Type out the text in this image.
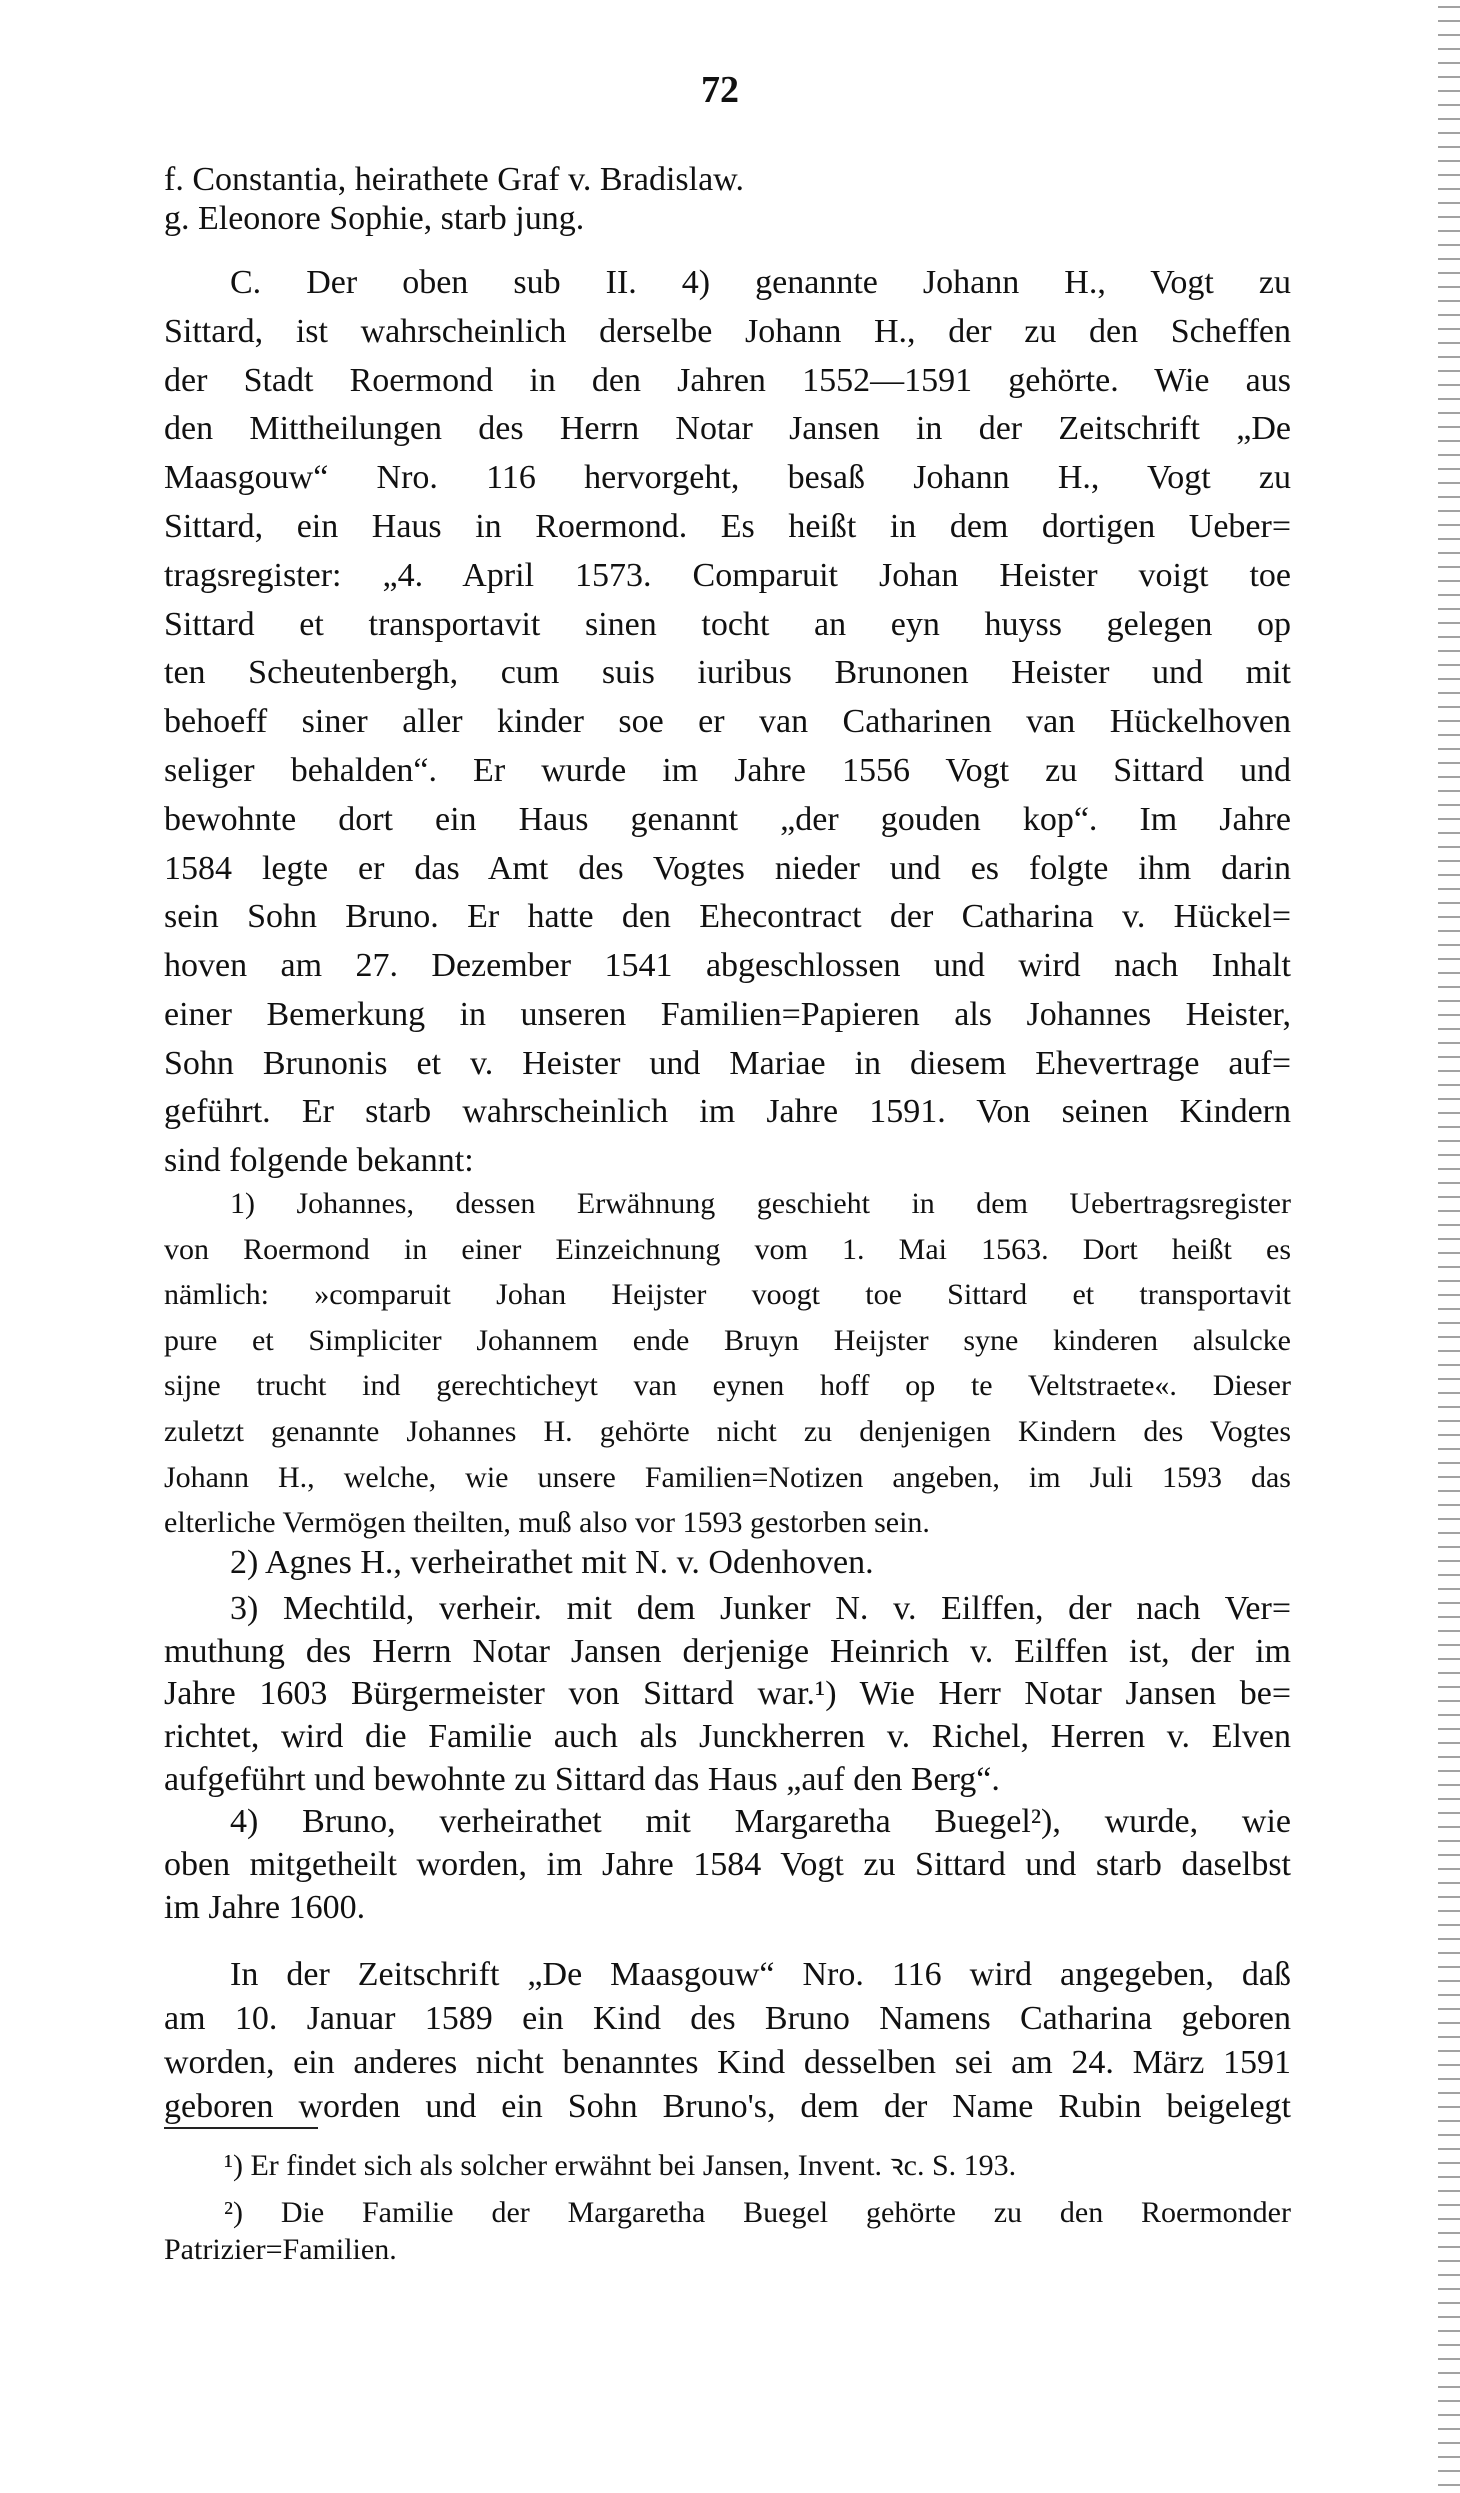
72
f. Constantia, heirathete Graf v. Bradislaw.
g. Eleonore Sophie, starb jung.
C. Der oben sub II. 4) genannte Johann H., Vogt zu
Sittard, ist wahrscheinlich derselbe Johann H., der zu den Scheffen
der Stadt Roermond in den Jahren 1552—1591 gehörte. Wie aus
den Mittheilungen des Herrn Notar Jansen in der Zeitschrift „De
Maasgouw“ Nro. 116 hervorgeht, besaß Johann H., Vogt zu
Sittard, ein Haus in Roermond. Es heißt in dem dortigen Ueber=
tragsregister: „4. April 1573. Comparuit Johan Heister voigt toe
Sittard et transportavit sinen tocht an eyn huyss gelegen op
ten Scheutenbergh, cum suis iuribus Brunonen Heister und mit
behoeff siner aller kinder soe er van Catharinen van Hückelhoven
seliger behalden“. Er wurde im Jahre 1556 Vogt zu Sittard und
bewohnte dort ein Haus genannt „der gouden kop“. Im Jahre
1584 legte er das Amt des Vogtes nieder und es folgte ihm darin
sein Sohn Bruno. Er hatte den Ehecontract der Catharina v. Hückel=
hoven am 27. Dezember 1541 abgeschlossen und wird nach Inhalt
einer Bemerkung in unseren Familien=Papieren als Johannes Heister,
Sohn Brunonis et v. Heister und Mariae in diesem Ehevertrage auf=
geführt. Er starb wahrscheinlich im Jahre 1591. Von seinen Kindern
sind folgende bekannt:
1) Johannes, dessen Erwähnung geschieht in dem Uebertragsregister
von Roermond in einer Einzeichnung vom 1. Mai 1563. Dort heißt es
nämlich: »comparuit Johan Heijster voogt toe Sittard et transportavit
pure et Simpliciter Johannem ende Bruyn Heijster syne kinderen alsulcke
sijne trucht ind gerechticheyt van eynen hoff op te Veltstraete«. Dieser
zuletzt genannte Johannes H. gehörte nicht zu denjenigen Kindern des Vogtes
Johann H., welche, wie unsere Familien=Notizen angeben, im Juli 1593 das
elterliche Vermögen theilten, muß also vor 1593 gestorben sein.
2) Agnes H., verheirathet mit N. v. Odenhoven.
3) Mechtild, verheir. mit dem Junker N. v. Eilffen, der nach Ver=
muthung des Herrn Notar Jansen derjenige Heinrich v. Eilffen ist, der im
Jahre 1603 Bürgermeister von Sittard war.¹) Wie Herr Notar Jansen be=
richtet, wird die Familie auch als Junckherren v. Richel, Herren v. Elven
aufgeführt und bewohnte zu Sittard das Haus „auf den Berg“.
4) Bruno, verheirathet mit Margaretha Buegel²), wurde, wie
oben mitgetheilt worden, im Jahre 1584 Vogt zu Sittard und starb daselbst
im Jahre 1600.
In der Zeitschrift „De Maasgouw“ Nro. 116 wird angegeben, daß
am 10. Januar 1589 ein Kind des Bruno Namens Catharina geboren
worden, ein anderes nicht benanntes Kind desselben sei am 24. März 1591
geboren worden und ein Sohn Bruno's, dem der Name Rubin beigelegt
¹) Er findet sich als solcher erwähnt bei Jansen, Invent. ꝛc. S. 193.
²) Die Familie der Margaretha Buegel gehörte zu den Roermonder
Patrizier=Familien.
